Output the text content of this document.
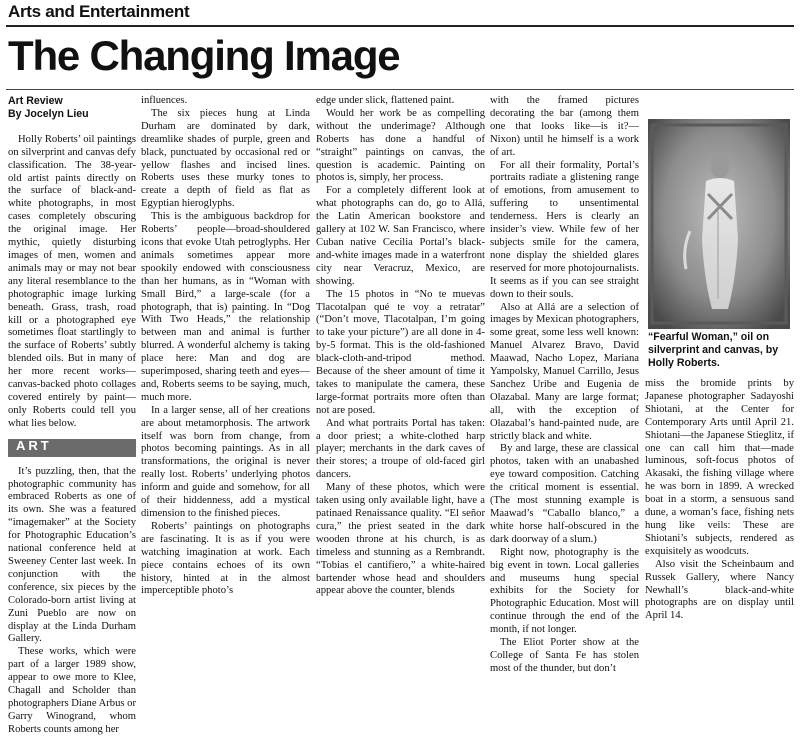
Arts and Entertainment
The Changing Image
Art Review
By Jocelyn Lieu

Holly Roberts’ oil paintings on silverprint and canvas defy classification. The 38-year-old artist paints directly on the surface of black-and-white photographs, in most cases completely obscuring the original image. Her mythic, quietly disturbing images of men, women and animals may or may not bear any literal resemblance to the photographic image lurking beneath. Grass, trash, road kill or a photographed eye sometimes float startlingly to the surface of Roberts’ subtly blended oils. But in many of her more recent works—canvas-backed photo collages covered entirely by paint—only Roberts could tell you what lies below.

ART

It’s puzzling, then, that the photographic community has embraced Roberts as one of its own. She was a featured “imagemaker” at the Society for Photographic Education’s national conference held at Sweeney Center last week. In conjunction with the conference, six pieces by the Colorado-born artist living at Zuni Pueblo are now on display at the Linda Durham Gallery.

These works, which were part of a larger 1989 show, appear to owe more to Klee, Chagall and Scholder than photographers Diane Arbus or Garry Winogrand, whom Roberts counts among her

influences.

The six pieces hung at Linda Durham are dominated by dark, dreamlike shades of purple, green and black, punctuated by occasional red or yellow flashes and incised lines. Roberts uses these murky tones to create a depth of field as flat as Egyptian hieroglyphs.

This is the ambiguous backdrop for Roberts’ people—broad-shouldered icons that evoke Utah petroglyphs. Her animals sometimes appear more spookily endowed with consciousness than her humans, as in “Woman with Small Bird,” a large-scale (for a photograph, that is) painting. In “Dog With Two Heads,” the relationship between man and animal is further blurred. A wonderful alchemy is taking place here: Man and dog are superimposed, sharing teeth and eyes—and, Roberts seems to be saying, much, much more.

In a larger sense, all of her creations are about metamorphosis. The artwork itself was born from change, from photos becoming paintings. As in all transformations, the original is never really lost. Roberts’ underlying photos inform and guide and somehow, for all of their hiddenness, add a mystical dimension to the finished pieces.

Roberts’ paintings on photographs are fascinating. It is as if you were watching imagination at work. Each piece contains echoes of its own history, hinted at in the almost imperceptible photo’s

edge under slick, flattened paint.

Would her work be as compelling without the underimage? Although Roberts has done a handful of “straight” paintings on canvas, the question is academic. Painting on photos is, simply, her process.

For a completely different look at what photographs can do, go to Allá, the Latin American bookstore and gallery at 102 W. San Francisco, where Cuban native Cecilia Portal’s black-and-white images made in a waterfront city near Veracruz, Mexico, are showing.

The 15 photos in “No te muevas Tlacotalpan qué te voy a retratar” (“Don’t move, Tlacotalpan, I’m going to take your picture”) are all done in 4-by-5 format. This is the old-fashioned black-cloth-and-tripod method. Because of the sheer amount of time it takes to manipulate the camera, these large-format portraits more often than not are posed.

And what portraits Portal has taken: a door priest; a white-clothed harp player; merchants in the dark caves of their stores; a troupe of old-faced girl dancers.

Many of these photos, which were taken using only available light, have a patinaed Renaissance quality. “El señor cura,” the priest seated in the dark wooden throne at his church, is as timeless and stunning as a Rembrandt. “Tobias el cantifiero,” a white-haired bartender whose head and shoulders appear above the counter, blends

with the framed pictures decorating the bar (among them one that looks like—is it?—Nixon) until he himself is a work of art.

For all their formality, Portal’s portraits radiate a glistening range of emotions, from amusement to suffering to unsentimental tenderness. Hers is clearly an insider’s view. While few of her subjects smile for the camera, none display the shielded glares reserved for more photojournalists. It seems as if you can see straight down to their souls.

Also at Allá are a selection of images by Mexican photographers, some great, some less well known: Manuel Alvarez Bravo, David Maawad, Nacho Lopez, Mariana Yampolsky, Manuel Carrillo, Jesus Sanchez Uribe and Eugenia de Olazabal. Many are large format; all, with the exception of Olazabal’s hand-painted nude, are strictly black and white.

By and large, these are classical photos, taken with an unabashed eye toward composition. Catching the critical moment is essential. (The most stunning example is Maawad’s “Caballo blanco,” a white horse half-obscured in the dark doorway of a slum.)

Right now, photography is the big event in town. Local galleries and museums hung special exhibits for the Society for Photographic Education. Most will continue through the end of the month, if not longer.

The Eliot Porter show at the College of Santa Fe has stolen most of the thunder, but don’t

“Fearful Woman,” oil on silverprint and canvas, by Holly Roberts.

miss the bromide prints by Japanese photographer Sadayoshi Shiotani, at the Center for Contemporary Arts until April 21. Shiotani—the Japanese Stieglitz, if one can call him that—made luminous, soft-focus photos of Akasaki, the fishing village where he was born in 1899. A wrecked boat in a storm, a sensuous sand dune, a woman’s face, fishing nets hung like veils: These are Shiotani’s subjects, rendered as exquisitely as woodcuts.

Also visit the Scheinbaum and Russek Gallery, where Nancy Newhall’s black-and-white photographs are on display until April 14.
